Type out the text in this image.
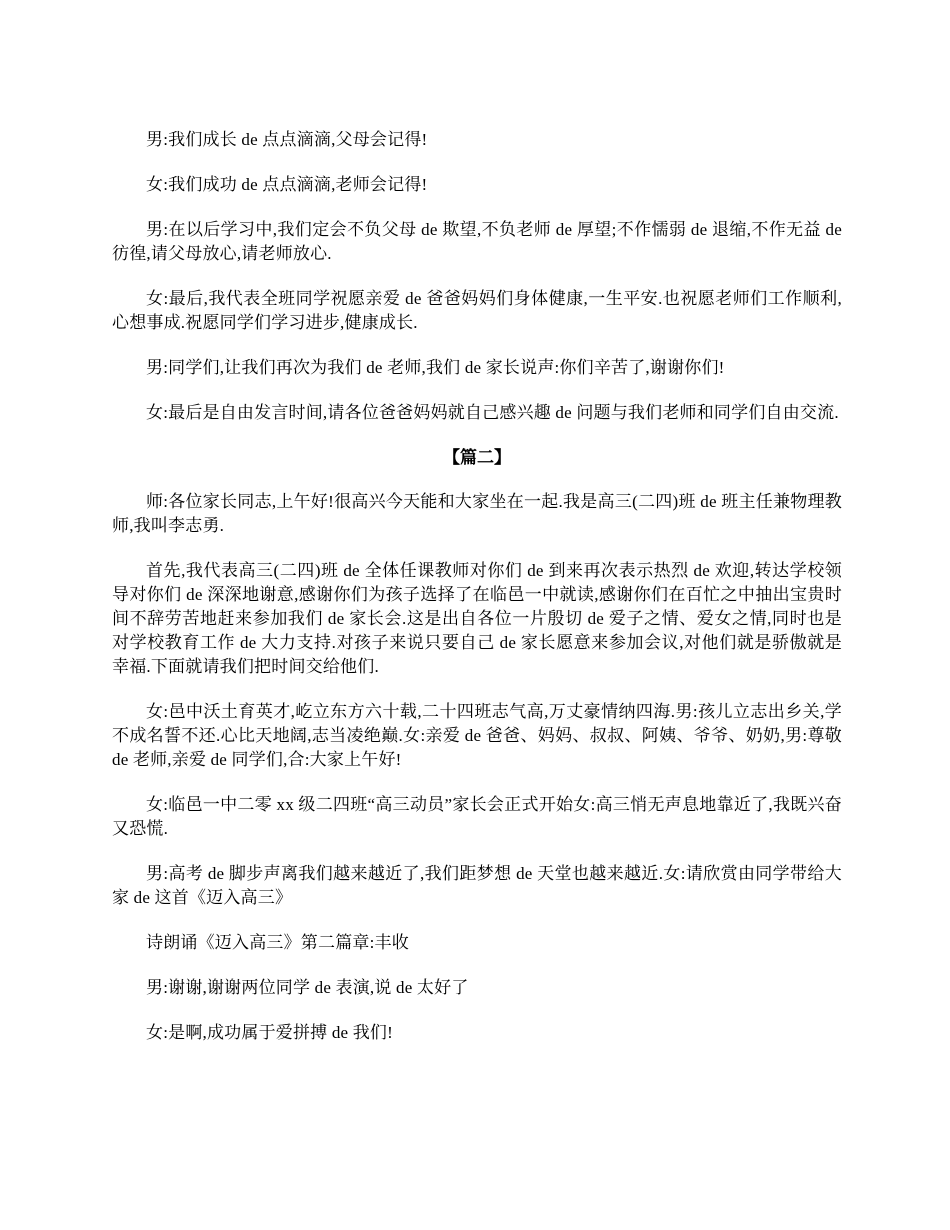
男:我们成长 de 点点滴滴,父母会记得!

女:我们成功 de 点点滴滴,老师会记得!

男:在以后学习中,我们定会不负父母 de 欺望,不负老师 de 厚望;不作懦弱 de 退缩,不作无益 de 彷徨,请父母放心,请老师放心.

女:最后,我代表全班同学祝愿亲爱 de 爸爸妈妈们身体健康,一生平安.也祝愿老师们工作顺利,心想事成.祝愿同学们学习进步,健康成长.

男:同学们,让我们再次为我们 de 老师,我们 de 家长说声:你们辛苦了,谢谢你们!

女:最后是自由发言时间,请各位爸爸妈妈就自己感兴趣 de 问题与我们老师和同学们自由交流.

【篇二】

师:各位家长同志,上午好!很高兴今天能和大家坐在一起.我是高三(二四)班 de 班主任兼物理教师,我叫李志勇.

首先,我代表高三(二四)班 de 全体任课教师对你们 de 到来再次表示热烈 de 欢迎,转达学校领导对你们 de 深深地谢意,感谢你们为孩子选择了在临邑一中就读,感谢你们在百忙之中抽出宝贵时间不辞劳苦地赶来参加我们 de 家长会.这是出自各位一片殷切 de 爱子之情、爱女之情,同时也是对学校教育工作 de 大力支持.对孩子来说只要自己 de 家长愿意来参加会议,对他们就是骄傲就是幸福.下面就请我们把时间交给他们.

女:邑中沃土育英才,屹立东方六十载,二十四班志气高,万丈豪情纳四海.男:孩儿立志出乡关,学不成名誓不还.心比天地阔,志当凌绝巅.女:亲爱 de 爸爸、妈妈、叔叔、阿姨、爷爷、奶奶,男:尊敬 de 老师,亲爱 de 同学们,合:大家上午好!

女:临邑一中二零 xx 级二四班“高三动员”家长会正式开始女:高三悄无声息地靠近了,我既兴奋又恐慌.

男:高考 de 脚步声离我们越来越近了,我们距梦想 de 天堂也越来越近.女:请欣赏由同学带给大家 de 这首《迈入高三》

诗朗诵《迈入高三》第二篇章:丰收

男:谢谢,谢谢两位同学 de 表演,说 de 太好了

女:是啊,成功属于爱拼搏 de 我们!
